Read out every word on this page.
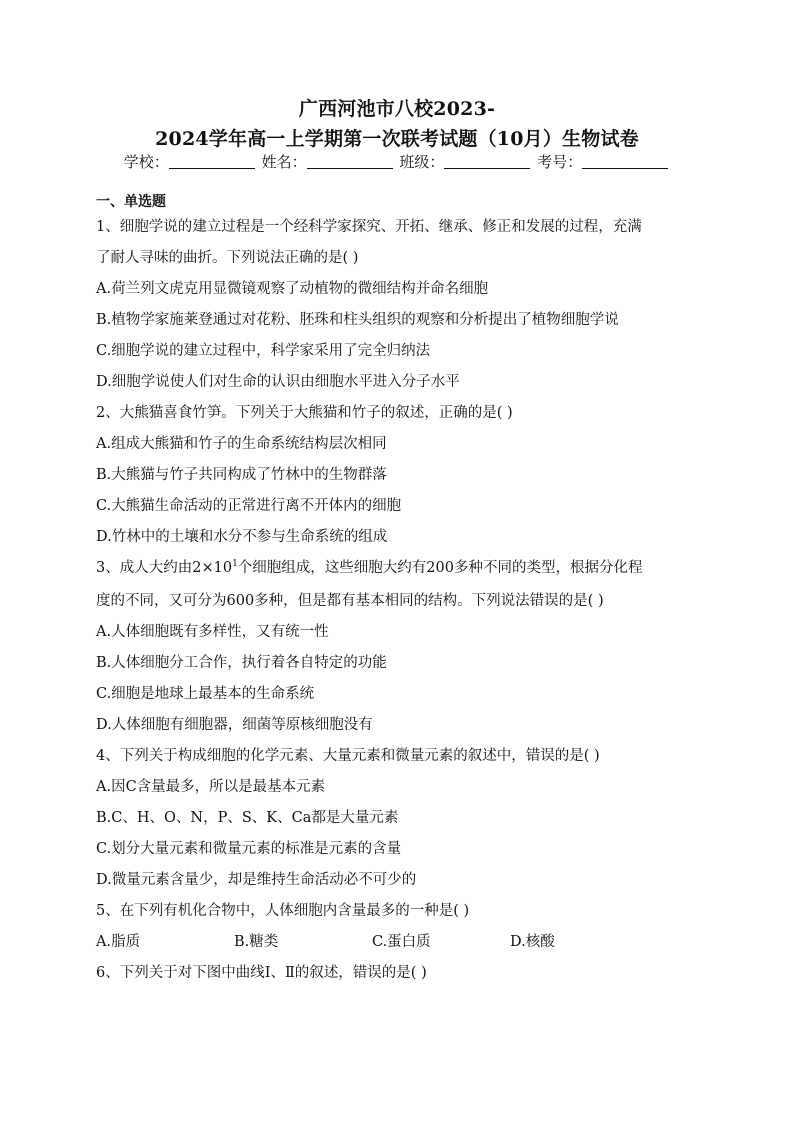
广西河池市八校2023-
2024学年高一上学期第一次联考试题（10月）生物试卷
学校：	姓名：	班级：	考号：
一、单选题
1、细胞学说的建立过程是一个经科学家探究、开拓、继承、修正和发展的过程，充满
了耐人寻味的曲折。下列说法正确的是( )
A.荷兰列文虎克用显微镜观察了动植物的微细结构并命名细胞
B.植物学家施莱登通过对花粉、胚珠和柱头组织的观察和分析提出了植物细胞学说
C.细胞学说的建立过程中，科学家采用了完全归纳法
D.细胞学说使人们对生命的认识由细胞水平进入分子水平
2、大熊猫喜食竹笋。下列关于大熊猫和竹子的叙述，正确的是( )
A.组成大熊猫和竹子的生命系统结构层次相同
B.大熊猫与竹子共同构成了竹林中的生物群落
C.大熊猫生命活动的正常进行离不开体内的细胞
D.竹林中的土壤和水分不参与生命系统的组成
3、成人大约由$2\times 10^1$个细胞组成，这些细胞大约有200多种不同的类型，根据分化程
度的不同，又可分为600多种，但是都有基本相同的结构。下列说法错误的是( )
A.人体细胞既有多样性，又有统一性
B.人体细胞分工合作，执行着各自特定的功能
C.细胞是地球上最基本的生命系统
D.人体细胞有细胞器，细菌等原核细胞没有
4、下列关于构成细胞的化学元素、大量元素和微量元素的叙述中，错误的是( )
A.因C含量最多，所以是最基本元素
B.C、H、O、N，P、S、K、Ca都是大量元素
C.划分大量元素和微量元素的标准是元素的含量
D.微量元素含量少，却是维持生命活动必不可少的
5、在下列有机化合物中，人体细胞内含量最多的一种是( )
A.脂质	B.糖类	C.蛋白质	D.核酸
6、下列关于对下图中曲线Ⅰ、Ⅱ的叙述，错误的是( )
